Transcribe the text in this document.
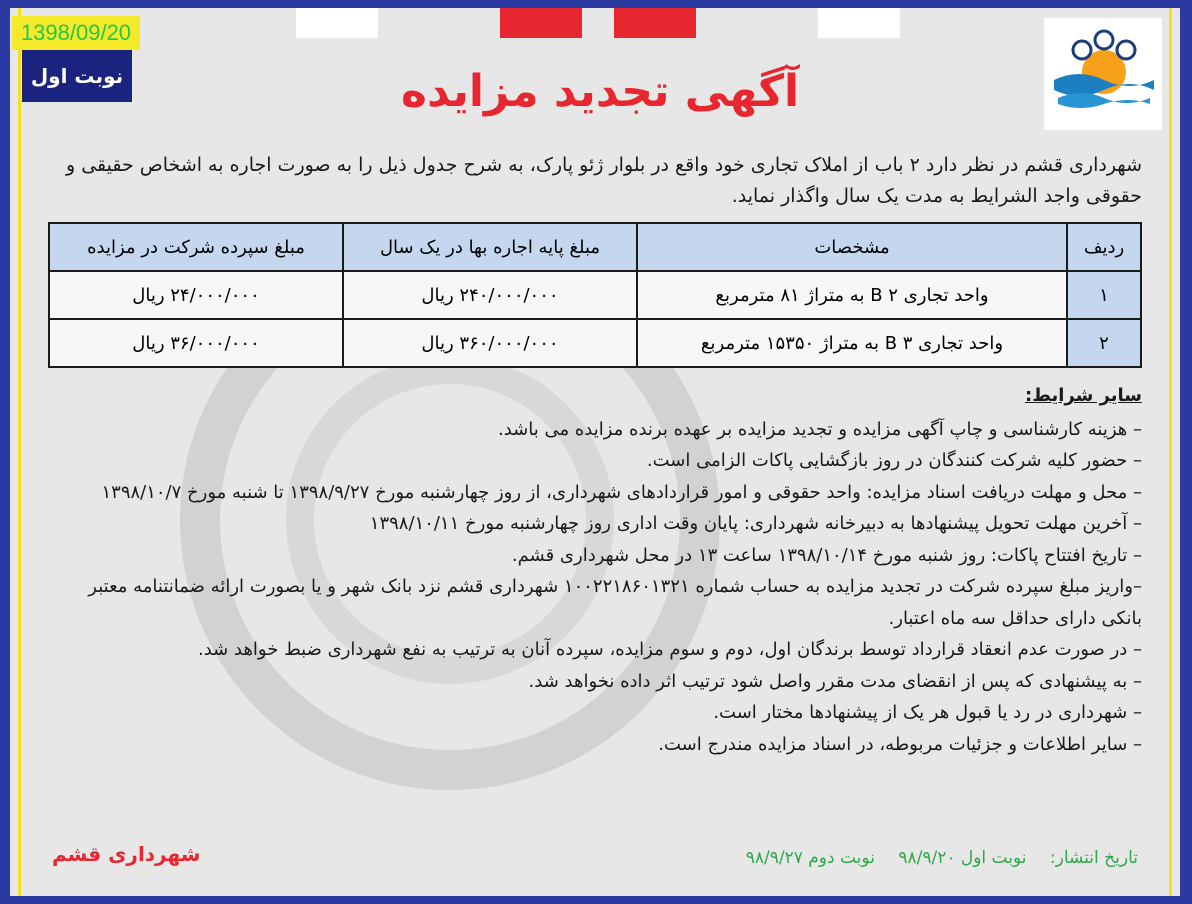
1398/09/20
نوبت اول	آگهی تجدید مزایده
شهرداری قشم در نظر دارد ۲ باب از املاک تجاری خود واقع در بلوار ژئو پارک، به شرح جدول ذیل را به صورت اجاره به اشخاص حقیقی و حقوقی واجد الشرایط به مدت یک سال واگذار نماید.
ردیف	مشخصات	مبلغ پایه اجاره بها در یک سال	مبلغ سپرده شرکت در مزایده
۱	واحد تجاری ۲ B به متراژ ۸۱ مترمربع	۲۴۰/۰۰۰/۰۰۰ ریال	۲۴/۰۰۰/۰۰۰ ریال
۲	واحد تجاری ۳ B به متراژ ۱۵۳۵۰ مترمربع	۳۶۰/۰۰۰/۰۰۰ ریال	۳۶/۰۰۰/۰۰۰ ریال

سایر شرایط:

– هزینه کارشناسی و چاپ آگهی مزایده و تجدید مزایده بر عهده برنده مزایده می باشد.

– حضور کلیه شرکت کنندگان در روز بازگشایی پاکات الزامی است.

– محل و مهلت دریافت اسناد مزایده: واحد حقوقی و امور قراردادهای شهرداری، از روز چهارشنبه مورخ ۱۳۹۸/۹/۲۷ تا شنبه مورخ ۱۳۹۸/۱۰/۷

– آخرین مهلت تحویل پیشنهادها به دبیرخانه شهرداری: پایان وقت اداری روز چهارشنبه مورخ ۱۳۹۸/۱۰/۱۱

– تاریخ افتتاح پاکات: روز شنبه مورخ ۱۳۹۸/۱۰/۱۴ ساعت ۱۳ در محل شهرداری قشم.

–واریز مبلغ سپرده شرکت در تجدید مزایده به حساب شماره ۱۰۰۲۲۱۸۶۰۱۳۲۱ شهرداری قشم نزد بانک شهر و یا بصورت ارائه ضمانتنامه معتبر بانکی دارای حداقل سه ماه اعتبار.

– در صورت عدم انعقاد قرارداد توسط برندگان اول، دوم و سوم مزایده، سپرده آنان به ترتیب به نفع شهرداری ضبط خواهد شد.

– به پیشنهادی که پس از انقضای مدت مقرر واصل شود ترتیب اثر داده نخواهد شد.

– شهرداری در رد یا قبول هر یک از پیشنهادها مختار است.

– سایر اطلاعات و جزئیات مربوطه، در اسناد مزایده مندرج است.

شهرداری قشم	تاریخ انتشار: نوبت اول ۹۸/۹/۲۰ نوبت دوم ۹۸/۹/۲۷
